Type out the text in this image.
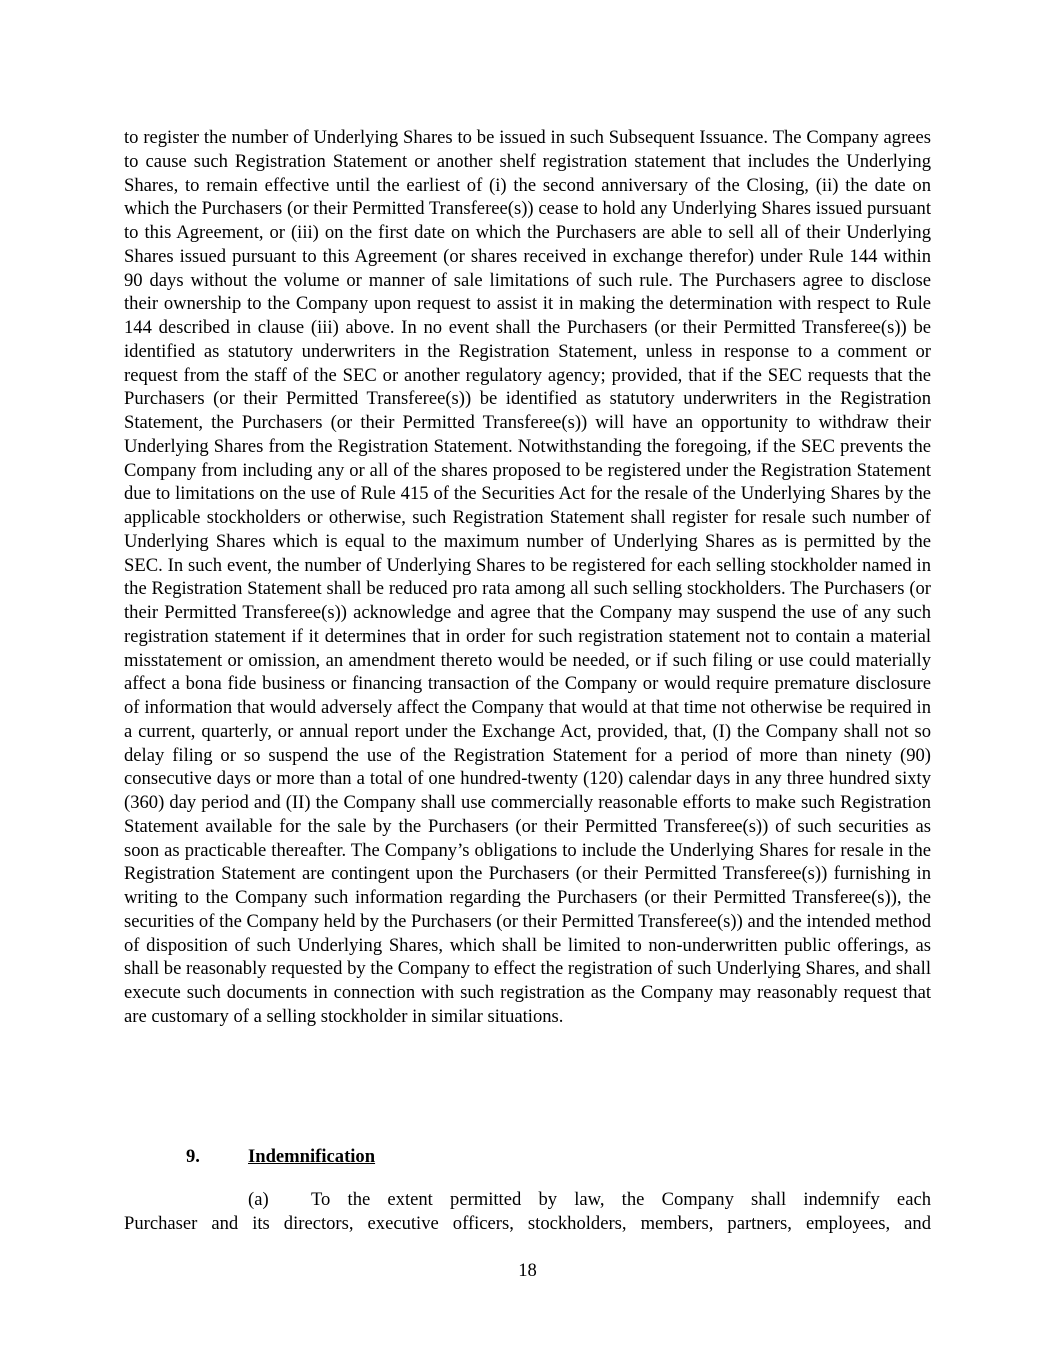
to register the number of Underlying Shares to be issued in such Subsequent Issuance. The Company agrees to cause such Registration Statement or another shelf registration statement that includes the Underlying Shares, to remain effective until the earliest of (i) the second anniversary of the Closing, (ii) the date on which the Purchasers (or their Permitted Transferee(s)) cease to hold any Underlying Shares issued pursuant to this Agreement, or (iii) on the first date on which the Purchasers are able to sell all of their Underlying Shares issued pursuant to this Agreement (or shares received in exchange therefor) under Rule 144 within 90 days without the volume or manner of sale limitations of such rule. The Purchasers agree to disclose their ownership to the Company upon request to assist it in making the determination with respect to Rule 144 described in clause (iii) above. In no event shall the Purchasers (or their Permitted Transferee(s)) be identified as statutory underwriters in the Registration Statement, unless in response to a comment or request from the staff of the SEC or another regulatory agency; provided, that if the SEC requests that the Purchasers (or their Permitted Transferee(s)) be identified as statutory underwriters in the Registration Statement, the Purchasers (or their Permitted Transferee(s)) will have an opportunity to withdraw their Underlying Shares from the Registration Statement. Notwithstanding the foregoing, if the SEC prevents the Company from including any or all of the shares proposed to be registered under the Registration Statement due to limitations on the use of Rule 415 of the Securities Act for the resale of the Underlying Shares by the applicable stockholders or otherwise, such Registration Statement shall register for resale such number of Underlying Shares which is equal to the maximum number of Underlying Shares as is permitted by the SEC. In such event, the number of Underlying Shares to be registered for each selling stockholder named in the Registration Statement shall be reduced pro rata among all such selling stockholders. The Purchasers (or their Permitted Transferee(s)) acknowledge and agree that the Company may suspend the use of any such registration statement if it determines that in order for such registration statement not to contain a material misstatement or omission, an amendment thereto would be needed, or if such filing or use could materially affect a bona fide business or financing transaction of the Company or would require premature disclosure of information that would adversely affect the Company that would at that time not otherwise be required in a current, quarterly, or annual report under the Exchange Act, provided, that, (I) the Company shall not so delay filing or so suspend the use of the Registration Statement for a period of more than ninety (90) consecutive days or more than a total of one hundred-twenty (120) calendar days in any three hundred sixty (360) day period and (II) the Company shall use commercially reasonable efforts to make such Registration Statement available for the sale by the Purchasers (or their Permitted Transferee(s)) of such securities as soon as practicable thereafter. The Company’s obligations to include the Underlying Shares for resale in the Registration Statement are contingent upon the Purchasers (or their Permitted Transferee(s)) furnishing in writing to the Company such information regarding the Purchasers (or their Permitted Transferee(s)), the securities of the Company held by the Purchasers (or their Permitted Transferee(s)) and the intended method of disposition of such Underlying Shares, which shall be limited to non-underwritten public offerings, as shall be reasonably requested by the Company to effect the registration of such Underlying Shares, and shall execute such documents in connection with such registration as the Company may reasonably request that are customary of a selling stockholder in similar situations.

9.	Indemnification

(a) To the extent permitted by law, the Company shall indemnify each

Purchaser and its directors, executive officers, stockholders, members, partners, employees, and

18
